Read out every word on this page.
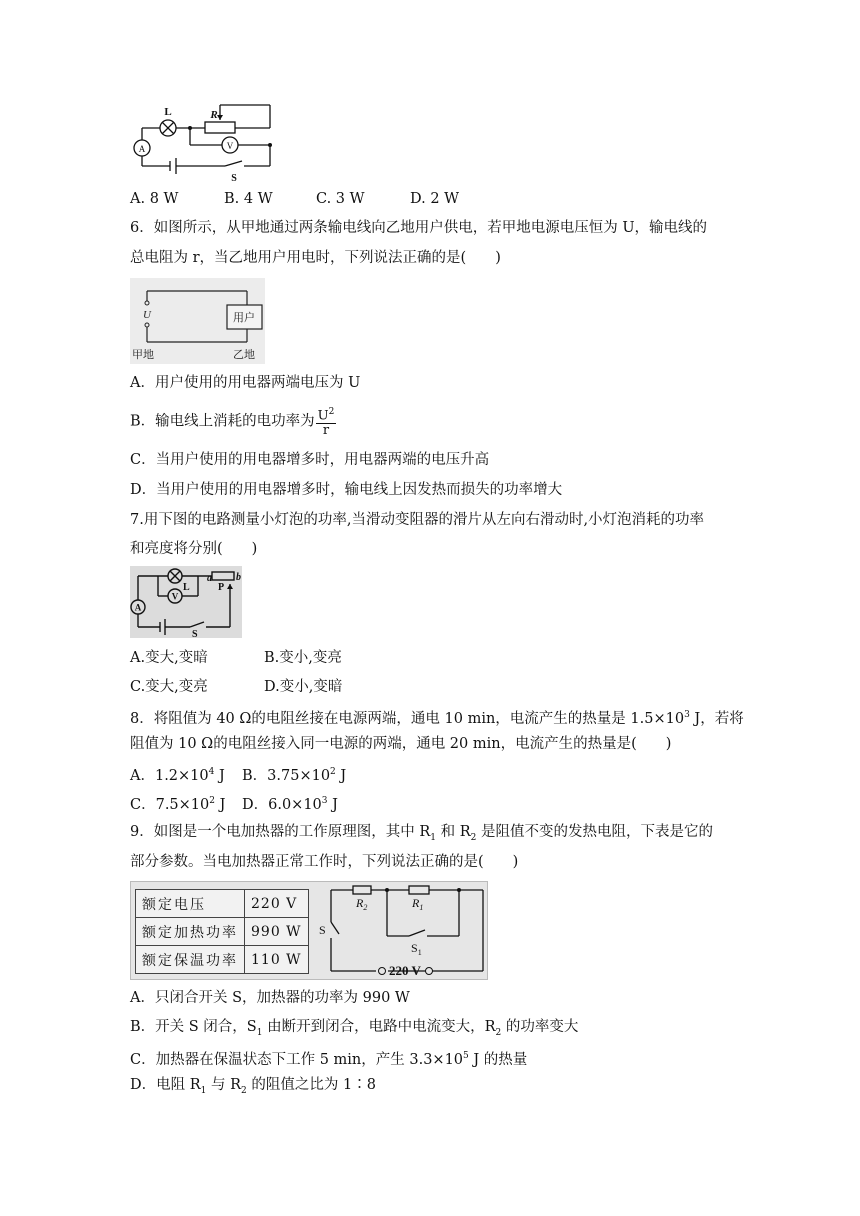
L	R
A	V
S
A. 8 W	B. 4 W	C. 3 W	D. 2 W
6．如图所示，从甲地通过两条输电线向乙地用户供电，若甲地电源电压恒为 U，输电线的
总电阻为 r，当乙地用户用电时，下列说法正确的是(　　)
U	用户
甲地	乙地
A．用户使用的用电器两端电压为 U
B．输电线上消耗的电功率为 $\frac{U^2}{r}$
C．当用户使用的用电器增多时，用电器两端的电压升高
D．当用户使用的用电器增多时，输电线上因发热而损失的功率增大
7.用下图的电路测量小灯泡的功率,当滑动变阻器的滑片从左向右滑动时,小灯泡消耗的功率
和亮度将分别(　　)
A
V
L
a
P
b
S
A.变大,变暗	B.变小,变亮
C.变大,变亮	D.变小,变暗
8．将阻值为 40 Ω的电阻丝接在电源两端，通电 10 min，电流产生的热量是 $1.5\times 10^3$ J，若将
阻值为 10 Ω的电阻丝接入同一电源的两端，通电 20 min，电流产生的热量是(　　)
A．$1.2\times 10^4$ J B．$3.75\times 10^2$ J
C．$7.5\times 10^2$ J D．$6.0\times 10^3$ J
9．如图是一个电加热器的工作原理图，其中 $R_1$ 和 $R_2$ 是阻值不变的发热电阻，下表是它的
部分参数。当电加热器正常工作时，下列说法正确的是(　　)
额定电压	220 V
额定加热功率	990 W
额定保温功率	110 W
$R_2$	$R_1$
S
$S_1$
220 V
A．只闭合开关 S，加热器的功率为 990 W
B．开关 S 闭合，$S_1$ 由断开到闭合，电路中电流变大，$R_2$ 的功率变大
C．加热器在保温状态下工作 5 min，产生 $3.3\times 10^5$ J 的热量
D．电阻 $R_1$ 与 $R_2$ 的阻值之比为 1∶8
